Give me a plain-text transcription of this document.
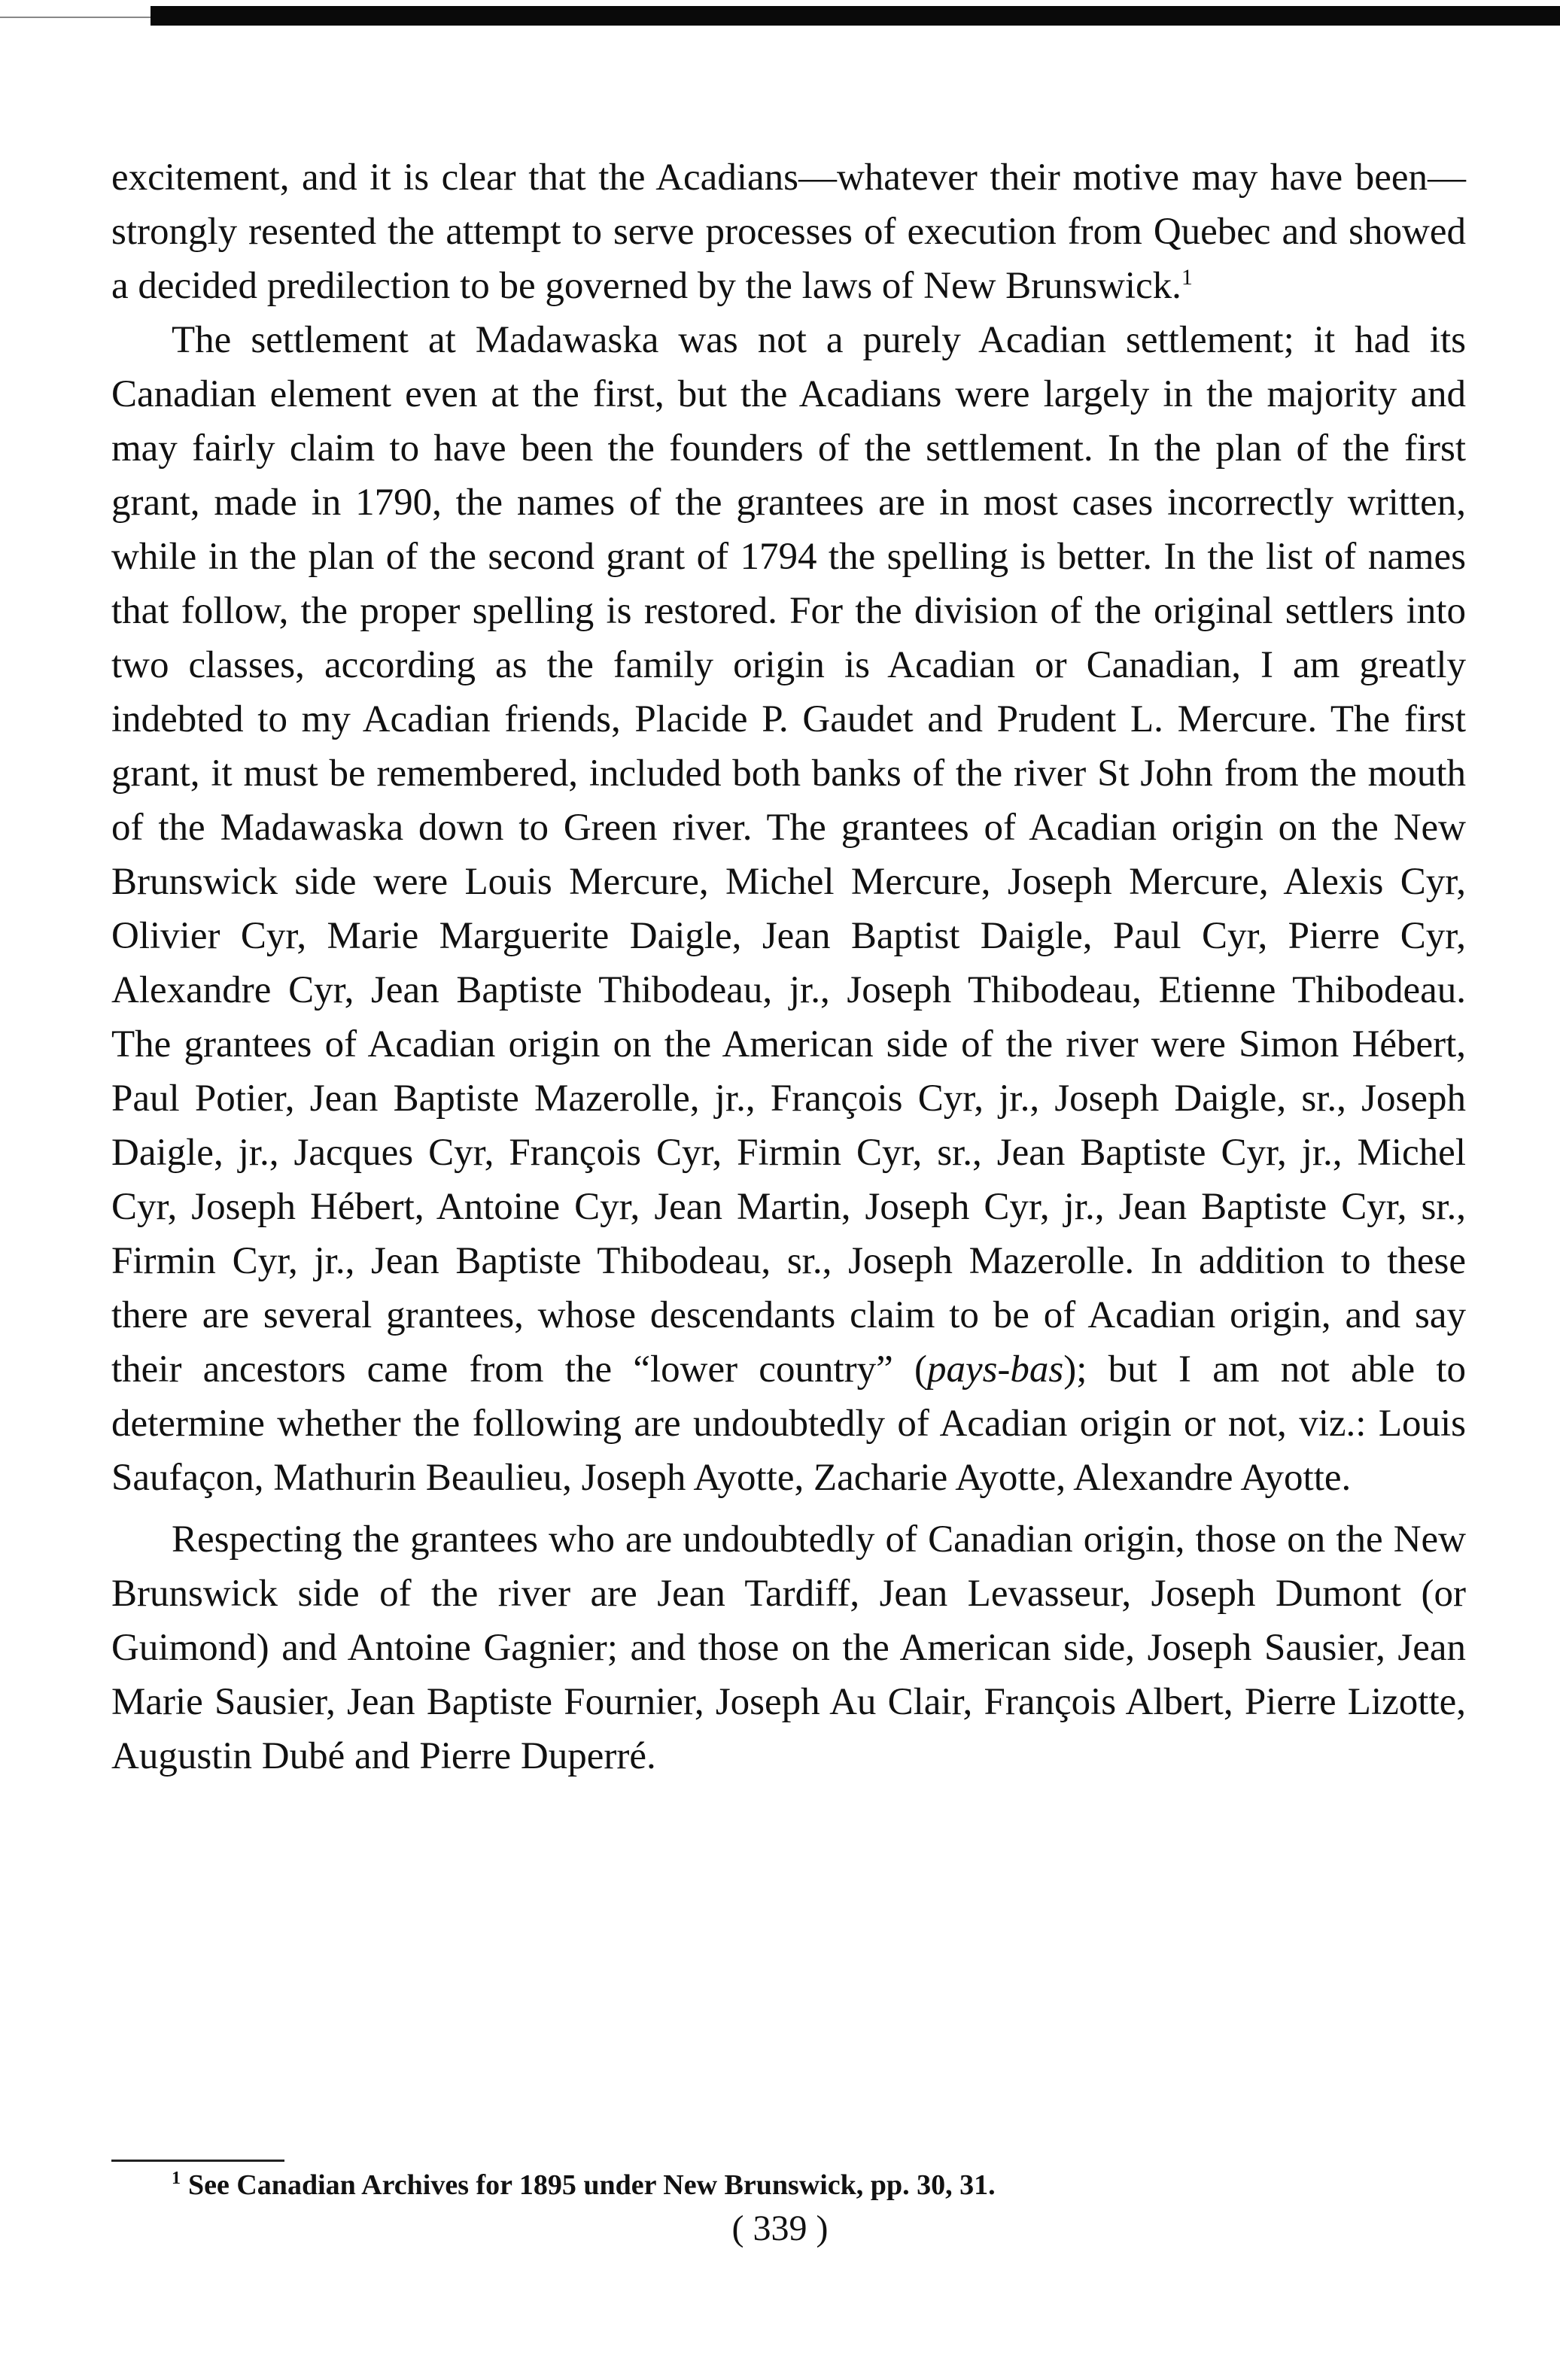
excitement, and it is clear that the Acadians—whatever their motive may have been—strongly resented the attempt to serve processes of execution from Quebec and showed a decided predilection to be governed by the laws of New Brunswick.$^1$

The settlement at Madawaska was not a purely Acadian settlement; it had its Canadian element even at the first, but the Acadians were largely in the majority and may fairly claim to have been the founders of the settlement. In the plan of the first grant, made in 1790, the names of the grantees are in most cases incorrectly written, while in the plan of the second grant of 1794 the spelling is better. In the list of names that follow, the proper spelling is restored. For the division of the original settlers into two classes, according as the family origin is Acadian or Canadian, I am greatly indebted to my Acadian friends, Placide P. Gaudet and Prudent L. Mercure. The first grant, it must be remembered, included both banks of the river St John from the mouth of the Madawaska down to Green river. The grantees of Acadian origin on the New Brunswick side were Louis Mercure, Michel Mercure, Joseph Mercure, Alexis Cyr, Olivier Cyr, Marie Marguerite Daigle, Jean Baptist Daigle, Paul Cyr, Pierre Cyr, Alexandre Cyr, Jean Baptiste Thibodeau, jr., Joseph Thibodeau, Etienne Thibodeau. The grantees of Acadian origin on the American side of the river were Simon Hébert, Paul Potier, Jean Baptiste Mazerolle, jr., François Cyr, jr., Joseph Daigle, sr., Joseph Daigle, jr., Jacques Cyr, François Cyr, Firmin Cyr, sr., Jean Baptiste Cyr, jr., Michel Cyr, Joseph Hébert, Antoine Cyr, Jean Martin, Joseph Cyr, jr., Jean Baptiste Cyr, sr., Firmin Cyr, jr., Jean Baptiste Thibodeau, sr., Joseph Mazerolle. In addition to these there are several grantees, whose descendants claim to be of Acadian origin, and say their ancestors came from the “lower country” (pays-bas); but I am not able to determine whether the following are undoubtedly of Acadian origin or not, viz.: Louis Saufaçon, Mathurin Beaulieu, Joseph Ayotte, Zacharie Ayotte, Alexandre Ayotte.

Respecting the grantees who are undoubtedly of Canadian origin, those on the New Brunswick side of the river are Jean Tardiff, Jean Levasseur, Joseph Dumont (or Guimond) and Antoine Gagnier; and those on the American side, Joseph Sausier, Jean Marie Sausier, Jean Baptiste Fournier, Joseph Au Clair, François Albert, Pierre Lizotte, Augustin Dubé and Pierre Duperré.

$^1$ See Canadian Archives for 1895 under New Brunswick, pp. 30, 31.
( 339 )
